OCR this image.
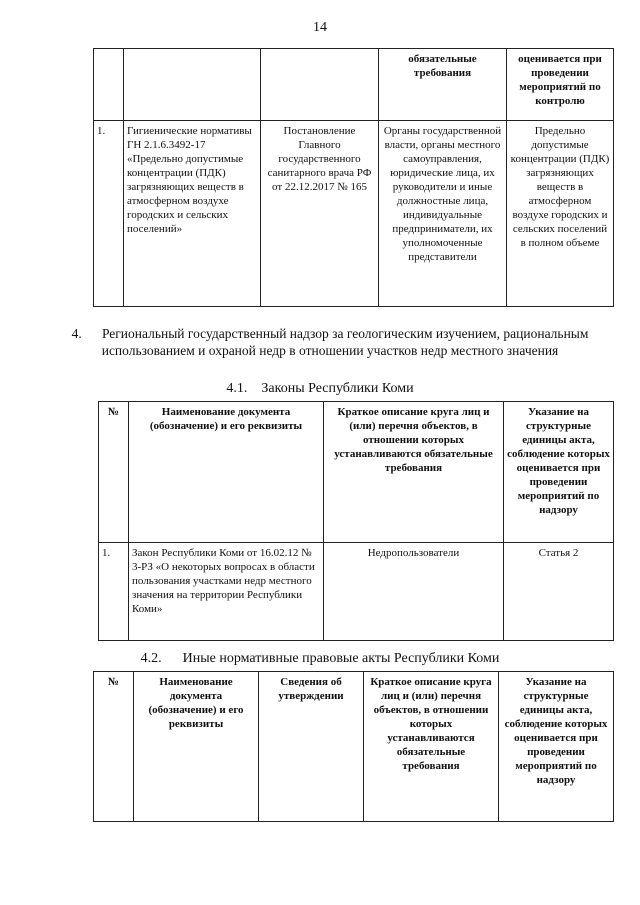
14
			обязательные требования	оценивается при проведении мероприятий по контролю
1.	Гигиенические нормативы ГН 2.1.6.3492-17 «Предельно допустимые концентрации (ПДК) загрязняющих веществ в атмосферном воздухе городских и сельских поселений»	Постановление Главного государственного санитарного врача РФ от 22.12.2017 № 165	Органы государственной власти, органы местного самоуправления, юридические лица, их руководители и иные должностные лица, индивидуальные предприниматели, их уполномоченные представители	Предельно допустимые концентрации (ПДК) загрязняющих веществ в атмосферном воздухе городских и сельских поселений в полном объеме
4. Региональный государственный надзор за геологическим изучением, рациональным использованием и охраной недр в отношении участков недр местного значения
4.1. Законы Республики Коми
№	Наименование документа (обозначение) и его реквизиты	Краткое описание круга лиц и (или) перечня объектов, в отношении которых устанавливаются обязательные требования	Указание на структурные единицы акта, соблюдение которых оценивается при проведении мероприятий по надзору
1.	Закон Республики Коми от 16.02.12 № 3-РЗ «О некоторых вопросах в области пользования участками недр местного значения на территории Республики Коми»	Недропользователи	Статья 2
4.2. Иные нормативные правовые акты Республики Коми
№	Наименование документа (обозначение) и его реквизиты	Сведения об утверждении	Краткое описание круга лиц и (или) перечня объектов, в отношении которых устанавливаются обязательные требования	Указание на структурные единицы акта, соблюдение которых оценивается при проведении мероприятий по надзору
